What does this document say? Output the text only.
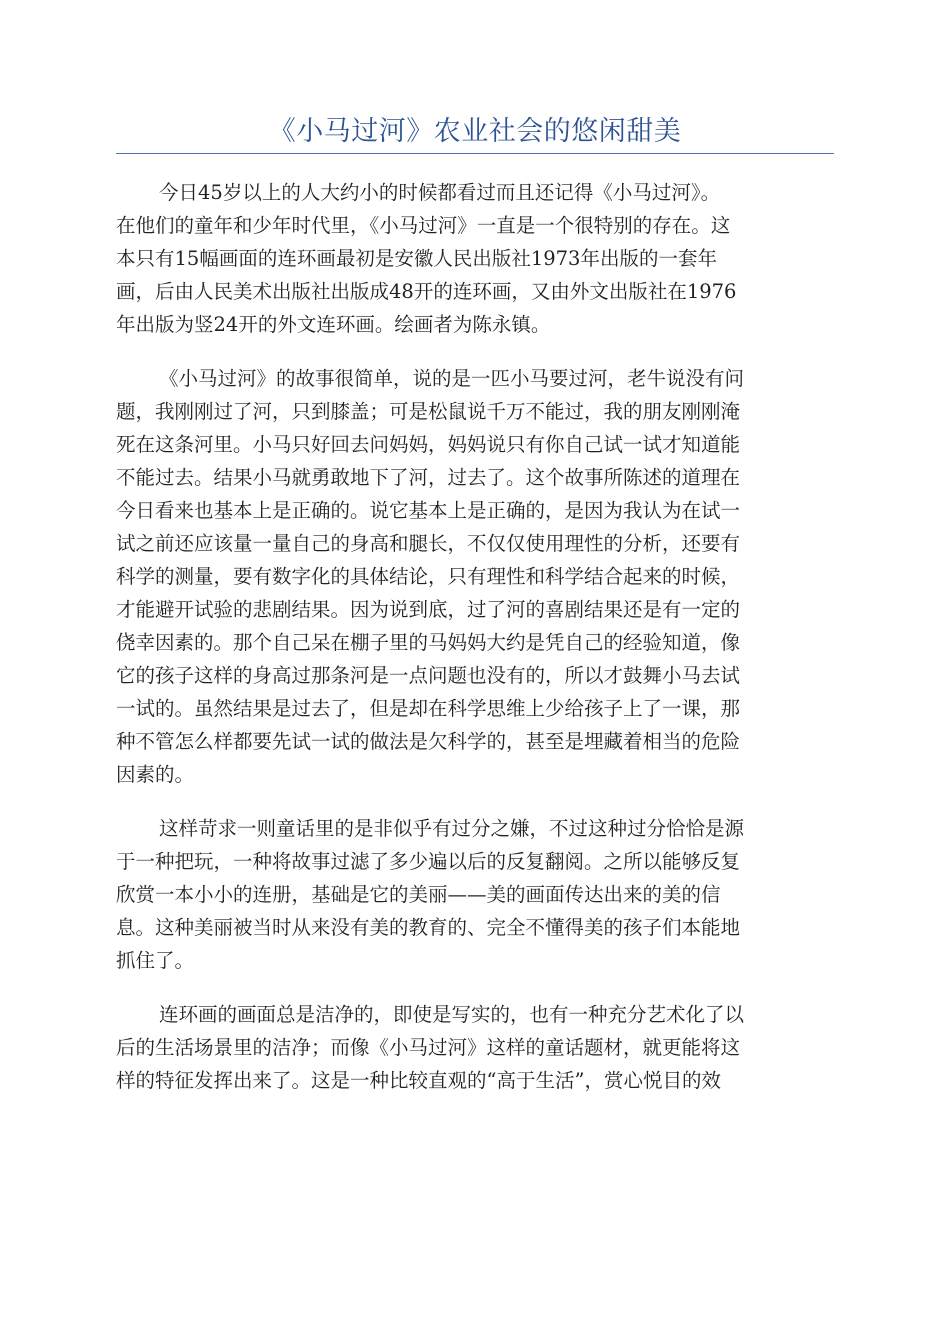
《小马过河》农业社会的悠闲甜美
今日45岁以上的人大约小的时候都看过而且还记得《小马过河》。
在他们的童年和少年时代里，《小马过河》一直是一个很特别的存在。这
本只有15幅画面的连环画最初是安徽人民出版社1973年出版的一套年
画，后由人民美术出版社出版成48开的连环画，又由外文出版社在1976
年出版为竖24开的外文连环画。绘画者为陈永镇。
《小马过河》的故事很简单，说的是一匹小马要过河，老牛说没有问
题，我刚刚过了河，只到膝盖；可是松鼠说千万不能过，我的朋友刚刚淹
死在这条河里。小马只好回去问妈妈，妈妈说只有你自己试一试才知道能
不能过去。结果小马就勇敢地下了河，过去了。这个故事所陈述的道理在
今日看来也基本上是正确的。说它基本上是正确的，是因为我认为在试一
试之前还应该量一量自己的身高和腿长，不仅仅使用理性的分析，还要有
科学的测量，要有数字化的具体结论，只有理性和科学结合起来的时候，
才能避开试验的悲剧结果。因为说到底，过了河的喜剧结果还是有一定的
侥幸因素的。那个自己呆在棚子里的马妈妈大约是凭自己的经验知道，像
它的孩子这样的身高过那条河是一点问题也没有的，所以才鼓舞小马去试
一试的。虽然结果是过去了，但是却在科学思维上少给孩子上了一课，那
种不管怎么样都要先试一试的做法是欠科学的，甚至是埋藏着相当的危险
因素的。
这样苛求一则童话里的是非似乎有过分之嫌，不过这种过分恰恰是源
于一种把玩，一种将故事过滤了多少遍以后的反复翻阅。之所以能够反复
欣赏一本小小的连册，基础是它的美丽——美的画面传达出来的美的信
息。这种美丽被当时从来没有美的教育的、完全不懂得美的孩子们本能地
抓住了。
连环画的画面总是洁净的，即使是写实的，也有一种充分艺术化了以
后的生活场景里的洁净；而像《小马过河》这样的童话题材，就更能将这
样的特征发挥出来了。这是一种比较直观的“高于生活”，赏心悦目的效
